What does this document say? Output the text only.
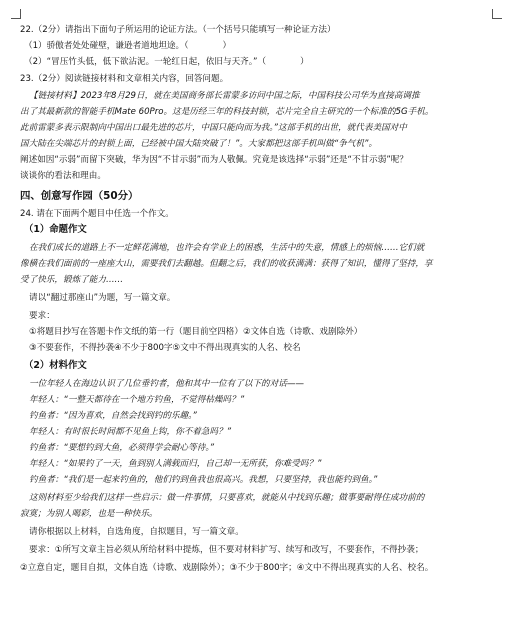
22.（2分）请指出下面句子所运用的论证方法。（一个括号只能填写一种论证方法）
（1）骄傲者处处碰壁，谦逊者道地坦途。（	）
（2）“冒压竹头低，低下欲沾泥。一轮红日起，依旧与天齐。”（	）
23.（2分）阅读链接材料和文章相关内容，回答问题。
【链接材料】2023年8月29日，就在美国商务部长雷蒙多访问中国之际，中国科技公司华为直接高调推
出了其最新款的智能手机Mate 60Pro。这是历经三年的科技封锁，芯片完全自主研究的一个标准的5G手机。
此前雷蒙多表示限制向中国出口最先进的芯片，中国只能向而为我。”这部手机的出世，就代表美国对中
国大陆在尖端芯片的封锁上面，已经被中国大陆突破了！”。大家都把这部手机叫做“争气机”。
阐述如因“示弱”而留下突破，华为因“不甘示弱”而为人敬佩。究竟是该选择“示弱”还是“不甘示弱”呢？
谈谈你的看法和理由。
四、创意写作园（50分）
24. 请在下面两个题目中任选一个作文。
（1）命题作文
在我们成长的道路上不一定鲜花满地，也许会有学业上的困惑，生活中的失意，情感上的烦恼……它们就
像横在我们面前的一座座大山，需要我们去翻越。但翻之后，我们的收获满满：获得了知识，懂得了坚持，享
受了快乐，锻炼了能力……
请以“翻过那座山”为题，写一篇文章。
要求：
①将题目抄写在答题卡作文纸的第一行（题目前空四格）②文体自选（诗歌、戏剧除外）
③不要套作，不得抄袭④不少于800字⑤文中不得出现真实的人名、校名
（2）材料作文
一位年轻人在海边认识了几位垂钓者，他和其中一位有了以下的对话——
年轻人：“一整天都待在一个地方钓鱼，不觉得枯燥吗？”
钓鱼者：“因为喜欢，自然会找到钓的乐趣。”
年轻人：有时很长时间都不见鱼上钩，你不着急吗？”
钓鱼者：“要想钓到大鱼，必须得学会耐心等待。”
年轻人：“如果钓了一天，鱼到别人满载而归，自己却一无所获，你难受吗？”
钓鱼者：“我们是一起来钓鱼的，他们钓到鱼我也很高兴。我想，只要坚持，我也能钓到鱼。”
这则材料至少给我们这样一些启示：做一件事情，只要喜欢，就能从中找到乐趣；做事要耐得住成功前的
寂寞；为别人喝彩，也是一种快乐。
请你根据以上材料，自选角度，自拟题目，写一篇文章。
要求：①所写文章主旨必须从所给材料中提炼，但不要对材料扩写、续写和改写，不要套作，不得抄袭；
②立意自定，题目自拟，文体自选（诗歌、戏剧除外）；③不少于800字；④文中不得出现真实的人名、校名。
